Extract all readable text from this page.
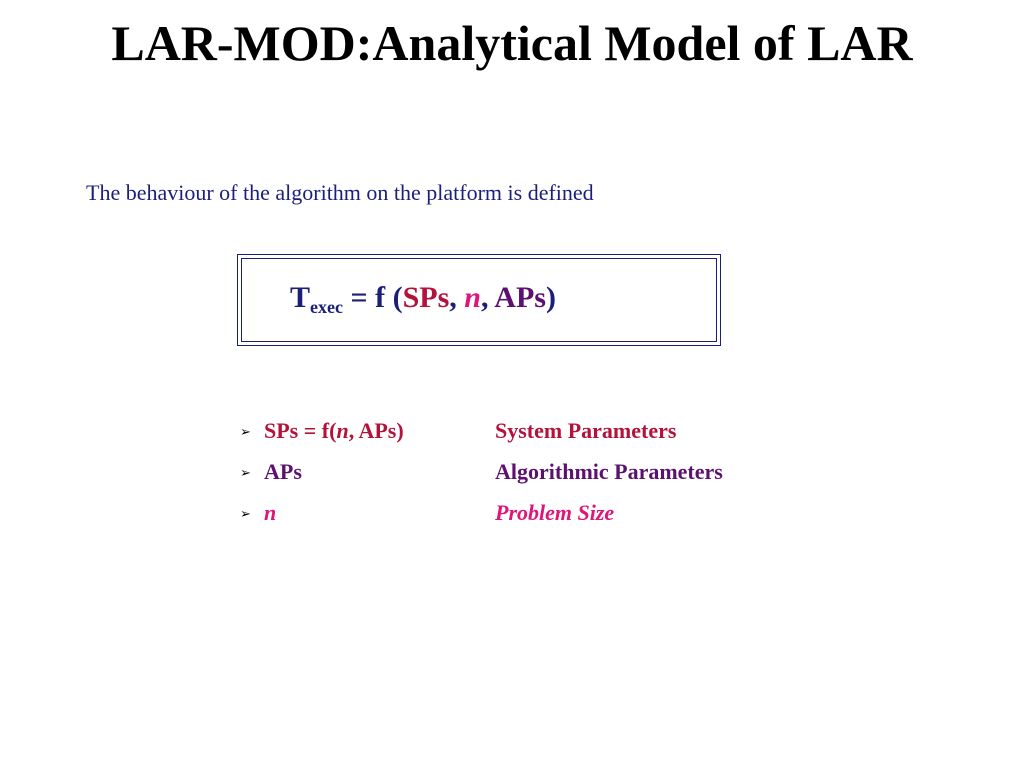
LAR-MOD:Analytical Model of LAR
The behaviour of the algorithm on the platform is defined
$T_{exec} = f$ (SPs, n, APs)
➢ SPs = f(n, APs)	System Parameters
➢ APs	Algorithmic Parameters
➢ n	Problem Size
